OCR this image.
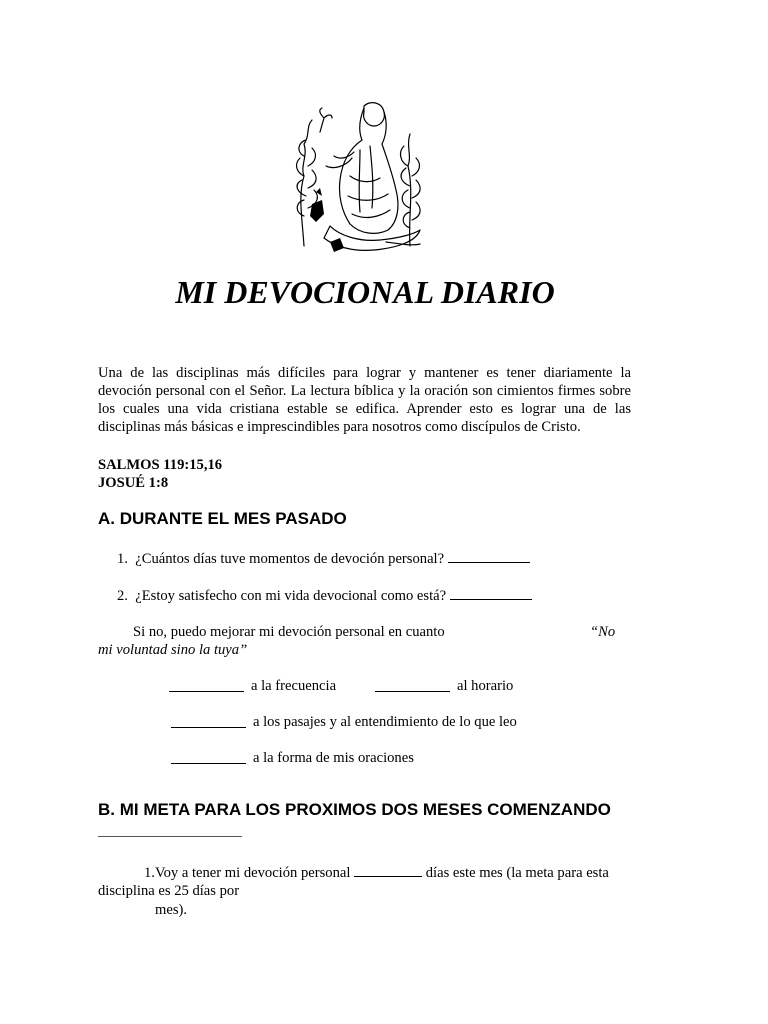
MI DEVOCIONAL DIARIO
Una de las disciplinas más difíciles para lograr y mantener es tener diariamente la devoción personal con el Señor. La lectura bíblica y la oración son cimientos firmes sobre los cuales una vida cristiana estable se edifica. Aprender esto es lograr una de las disciplinas más básicas e imprescindibles para nosotros como discípulos de Cristo.
SALMOS 119:15,16
JOSUÉ 1:8
A. DURANTE EL MES PASADO
1. ¿Cuántos días tuve momentos de devoción personal?
2. ¿Estoy satisfecho con mi vida devocional como está?
Si no, puedo mejorar mi devoción personal en cuanto	“No
mi voluntad sino la tuya”
a la frecuencia	al horario
a los pasajes y al entendimiento de lo que leo
a la forma de mis oraciones
B. MI META PARA LOS PROXIMOS DOS MESES COMENZANDO
1.Voy a tener mi devoción personal	días este mes (la meta para esta
disciplina es 25 días por
mes).
